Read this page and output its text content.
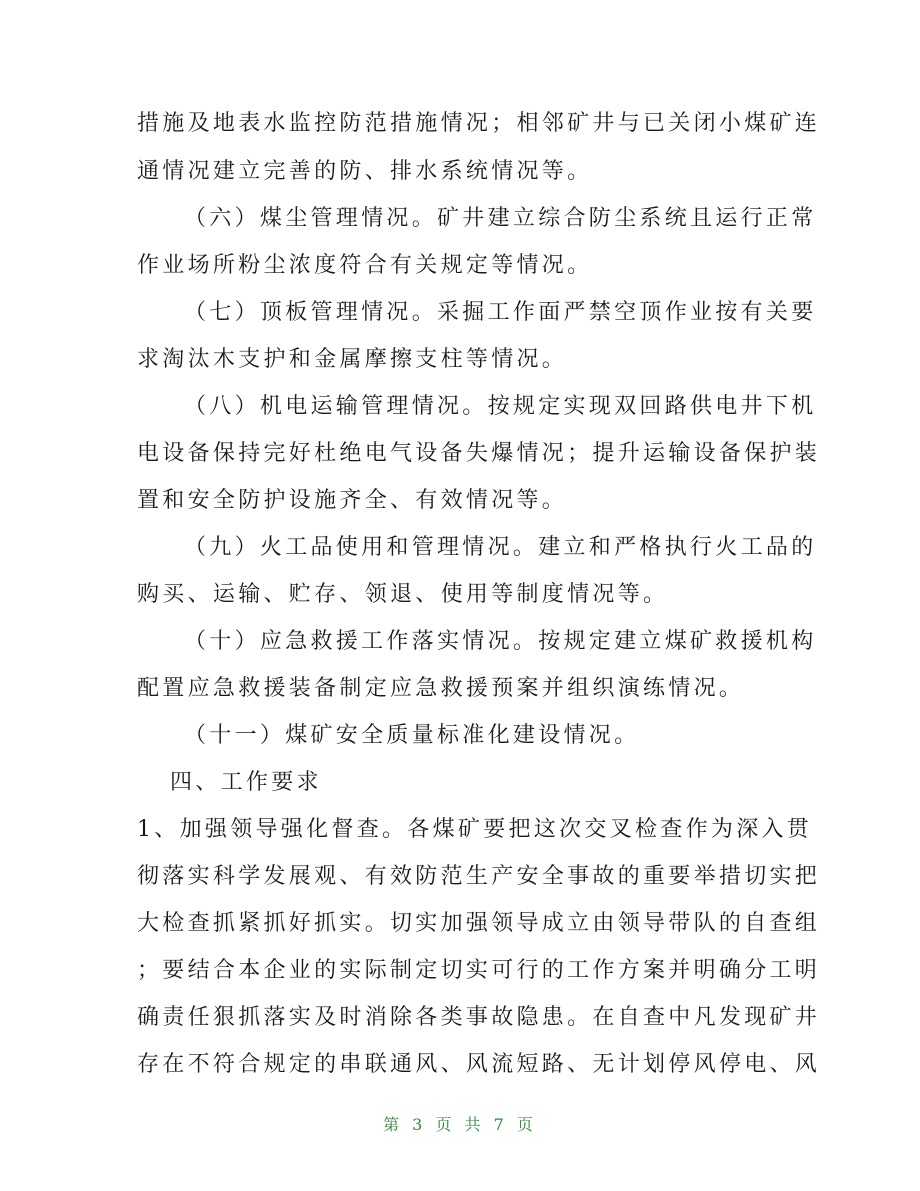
措施及地表水监控防范措施情况；相邻矿井与已关闭小煤矿连
通情况建立完善的防、排水系统情况等。
（六）煤尘管理情况。矿井建立综合防尘系统且运行正常
作业场所粉尘浓度符合有关规定等情况。
（七）顶板管理情况。采掘工作面严禁空顶作业按有关要
求淘汰木支护和金属摩擦支柱等情况。
（八）机电运输管理情况。按规定实现双回路供电井下机
电设备保持完好杜绝电气设备失爆情况；提升运输设备保护装
置和安全防护设施齐全、有效情况等。
（九）火工品使用和管理情况。建立和严格执行火工品的
购买、运输、贮存、领退、使用等制度情况等。
（十）应急救援工作落实情况。按规定建立煤矿救援机构
配置应急救援装备制定应急救援预案并组织演练情况。
（十一）煤矿安全质量标准化建设情况。
四、工作要求
1、加强领导强化督查。各煤矿要把这次交叉检查作为深入贯
彻落实科学发展观、有效防范生产安全事故的重要举措切实把
大检查抓紧抓好抓实。切实加强领导成立由领导带队的自查组
；要结合本企业的实际制定切实可行的工作方案并明确分工明
确责任狠抓落实及时消除各类事故隐患。在自查中凡发现矿井
存在不符合规定的串联通风、风流短路、无计划停风停电、风
第 3 页 共 7 页
